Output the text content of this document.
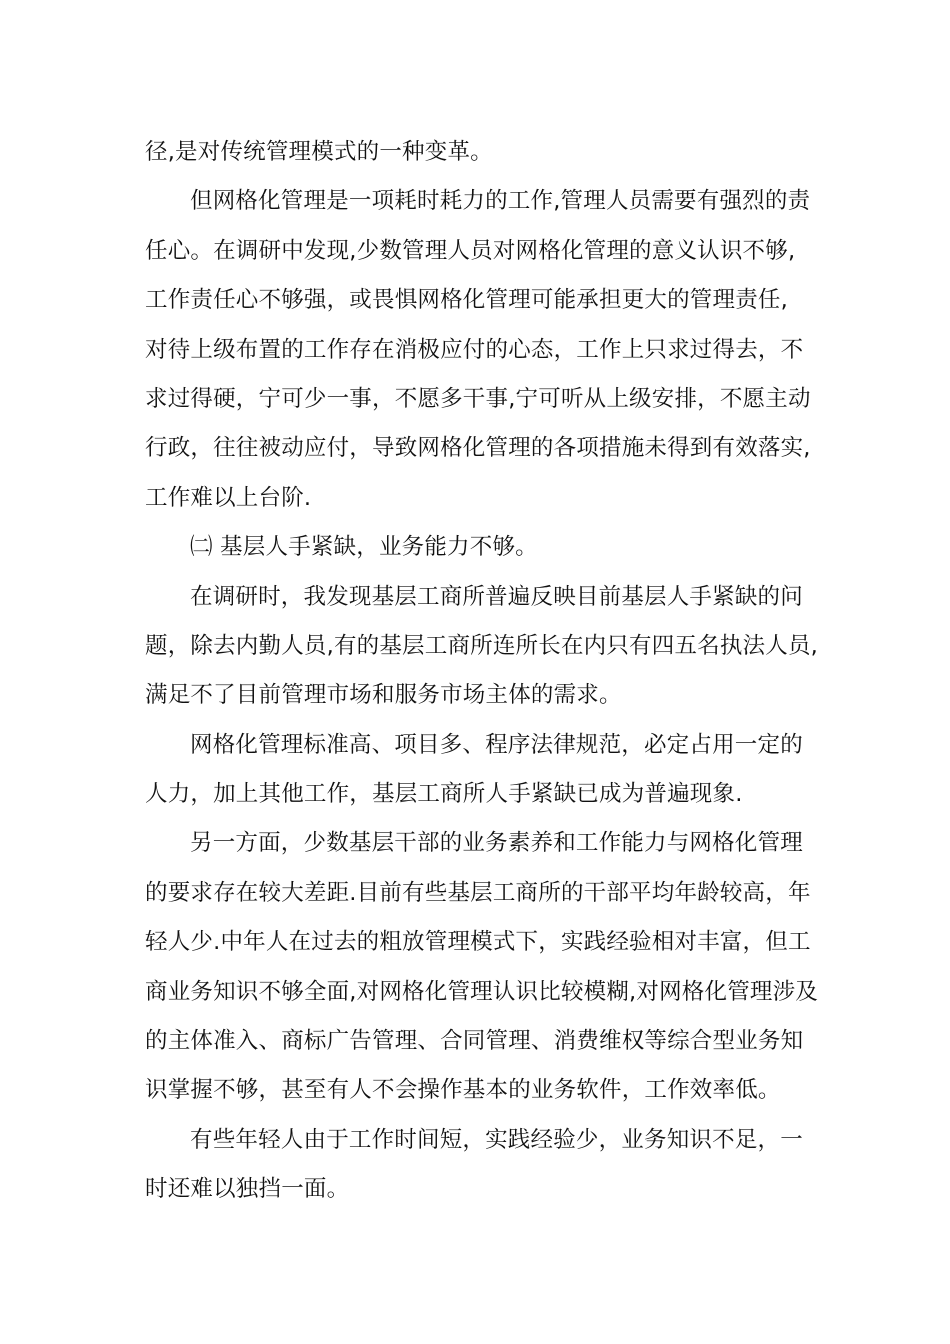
径,是对传统管理模式的一种变革。
但网格化管理是一项耗时耗力的工作,管理人员需要有强烈的责
任心。在调研中发现,少数管理人员对网格化管理的意义认识不够,
工作责任心不够强，或畏惧网格化管理可能承担更大的管理责任,
对待上级布置的工作存在消极应付的心态，工作上只求过得去，不
求过得硬，宁可少一事，不愿多干事,宁可听从上级安排，不愿主动
行政，往往被动应付，导致网格化管理的各项措施未得到有效落实,
工作难以上台阶.
㈡ 基层人手紧缺，业务能力不够。
在调研时，我发现基层工商所普遍反映目前基层人手紧缺的问
题，除去内勤人员,有的基层工商所连所长在内只有四五名执法人员,
满足不了目前管理市场和服务市场主体的需求。
网格化管理标准高、项目多、程序法律规范，必定占用一定的
人力，加上其他工作，基层工商所人手紧缺已成为普遍现象.
另一方面，少数基层干部的业务素养和工作能力与网格化管理
的要求存在较大差距.目前有些基层工商所的干部平均年龄较高，年
轻人少.中年人在过去的粗放管理模式下，实践经验相对丰富，但工
商业务知识不够全面,对网格化管理认识比较模糊,对网格化管理涉及
的主体准入、商标广告管理、合同管理、消费维权等综合型业务知
识掌握不够，甚至有人不会操作基本的业务软件，工作效率低。
有些年轻人由于工作时间短，实践经验少，业务知识不足，一
时还难以独挡一面。
